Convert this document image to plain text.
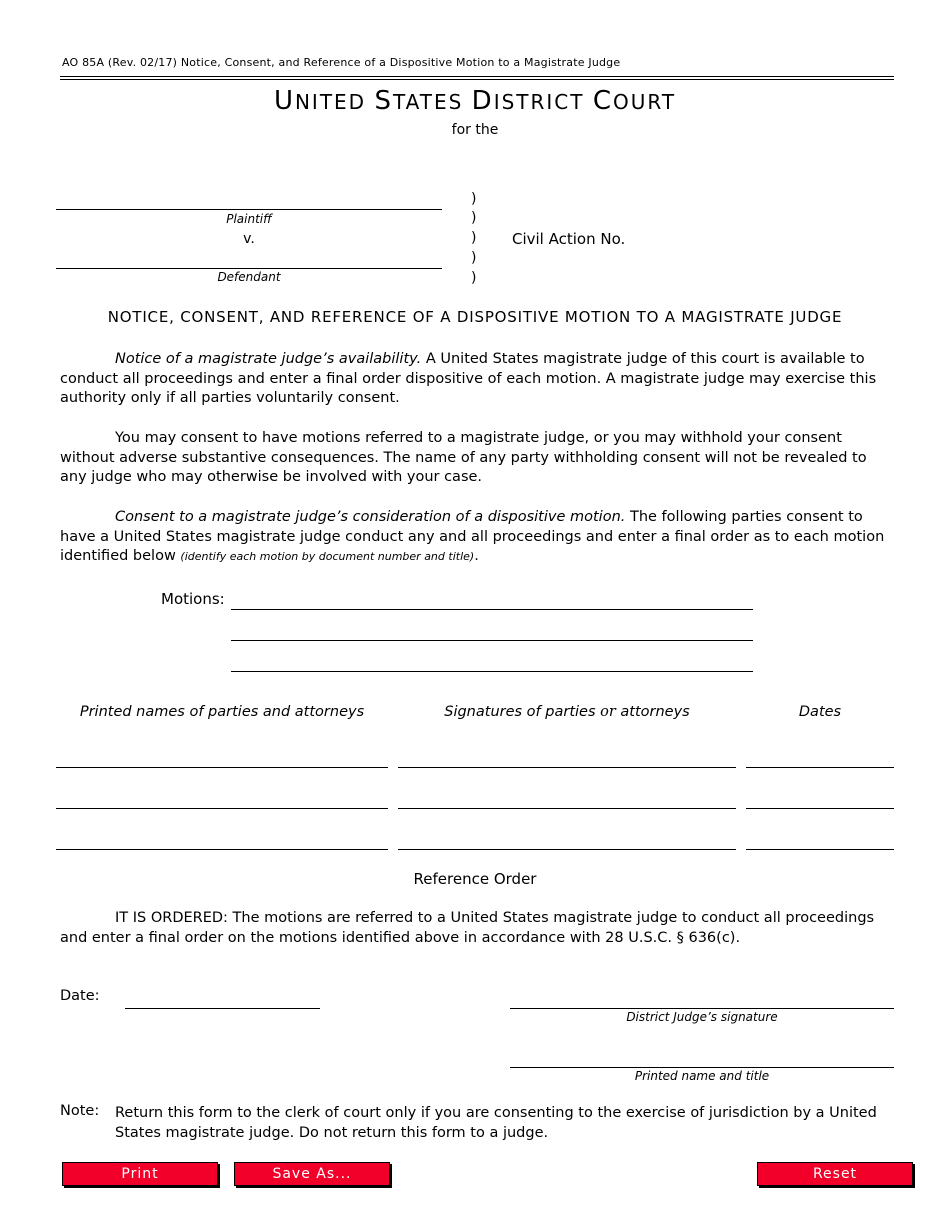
AO 85A (Rev. 02/17) Notice, Consent, and Reference of a Dispositive Motion to a Magistrate Judge
UNITED STATES DISTRICT COURT
for the
Plaintiff
v.
Defendant
)
)
)
)
)
Civil Action No.
NOTICE, CONSENT, AND REFERENCE OF A DISPOSITIVE MOTION TO A MAGISTRATE JUDGE
Notice of a magistrate judge’s availability. A United States magistrate judge of this court is available to conduct all proceedings and enter a final order dispositive of each motion. A magistrate judge may exercise this authority only if all parties voluntarily consent.
You may consent to have motions referred to a magistrate judge, or you may withhold your consent without adverse substantive consequences. The name of any party withholding consent will not be revealed to any judge who may otherwise be involved with your case.
Consent to a magistrate judge’s consideration of a dispositive motion. The following parties consent to have a United States magistrate judge conduct any and all proceedings and enter a final order as to each motion identified below (identify each motion by document number and title).
Motions:
Printed names of parties and attorneys	Signatures of parties or attorneys	Dates
Reference Order
IT IS ORDERED: The motions are referred to a United States magistrate judge to conduct all proceedings and enter a final order on the motions identified above in accordance with 28 U.S.C. § 636(c).
Date:
District Judge’s signature
Printed name and title
Note: Return this form to the clerk of court only if you are consenting to the exercise of jurisdiction by a United States magistrate judge. Do not return this form to a judge.
Print	Save As...	Reset
